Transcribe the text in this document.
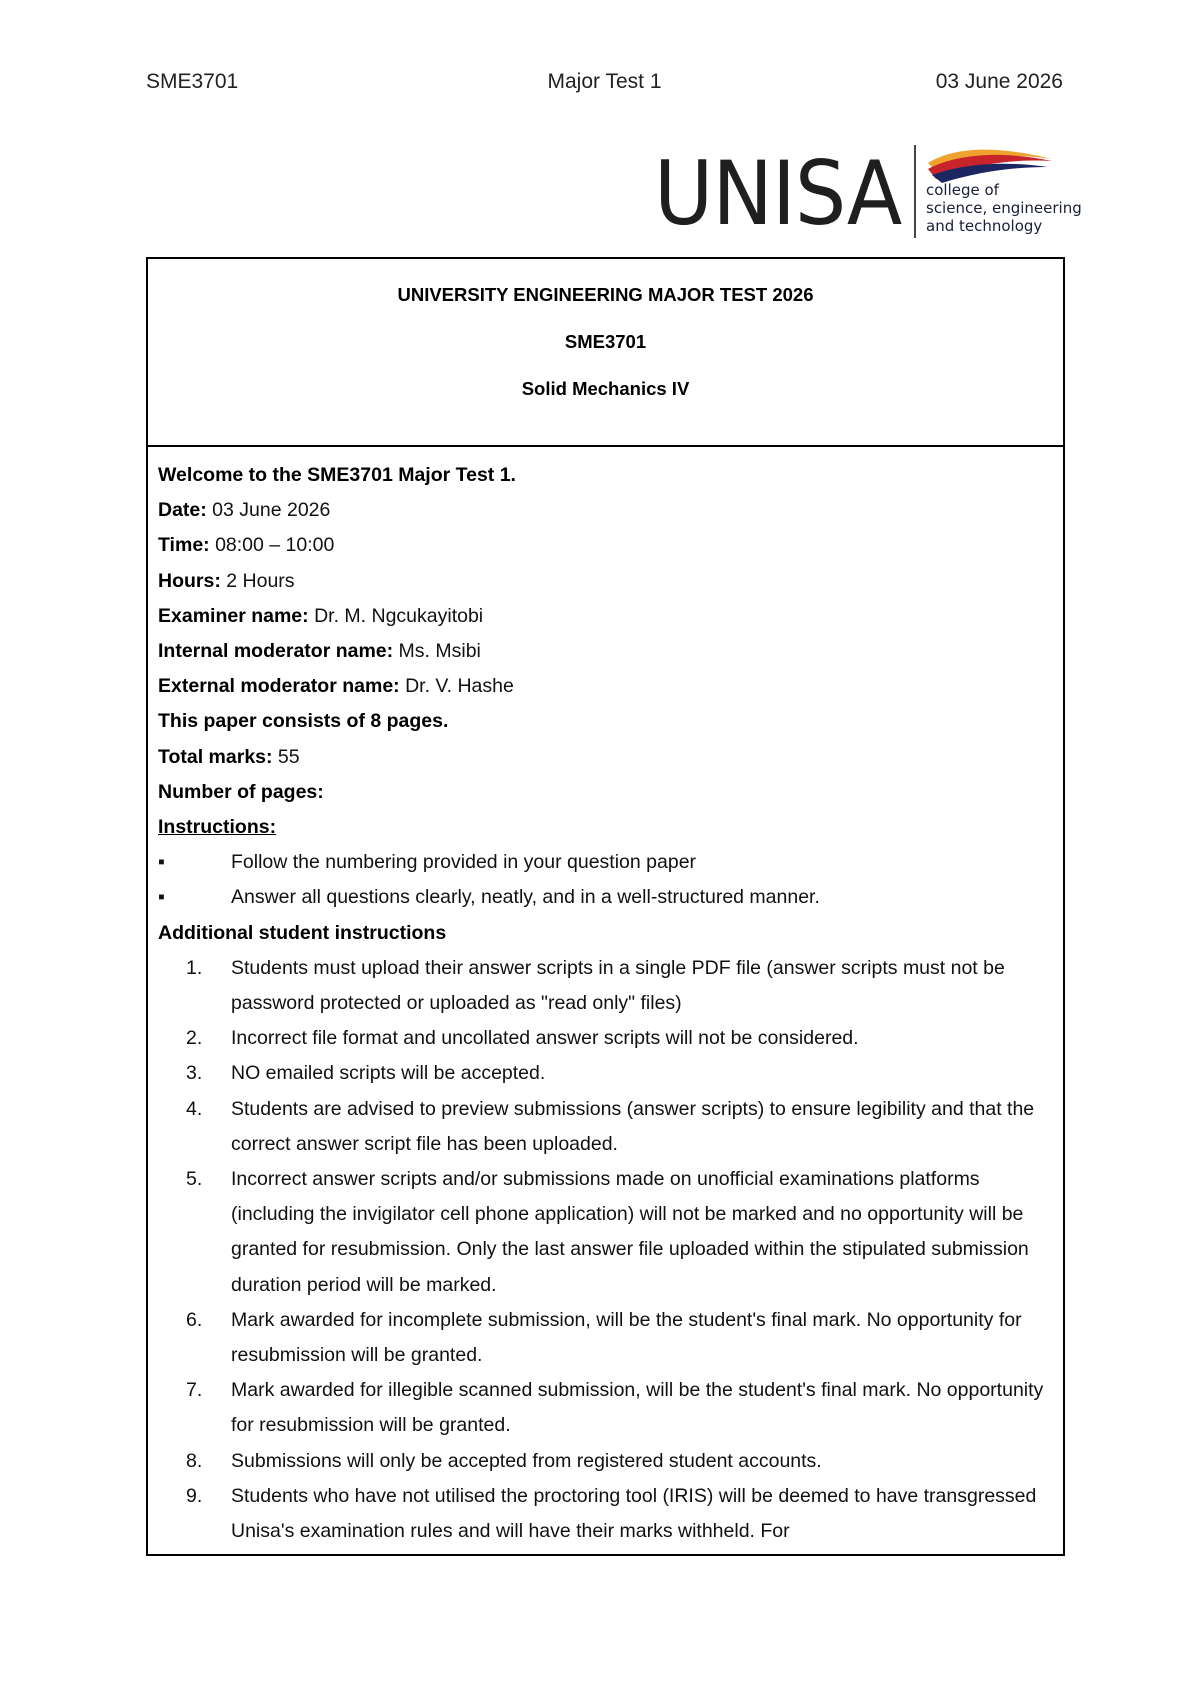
SME3701	Major Test 1	03 June 2026
UNISA college of
science, engineering
and technology
UNIVERSITY ENGINEERING MAJOR TEST 2026
SME3701
Solid Mechanics IV
Welcome to the SME3701 Major Test 1.
Date: 03 June 2026
Time: 08:00 – 10:00
Hours: 2 Hours
Examiner name: Dr. M. Ngcukayitobi
Internal moderator name: Ms. Msibi
External moderator name: Dr. V. Hashe
This paper consists of 8 pages.
Total marks: 55
Number of pages:
Instructions:
▪	Follow the numbering provided in your question paper
▪	Answer all questions clearly, neatly, and in a well-structured manner.
Additional student instructions
1.	Students must upload their answer scripts in a single PDF file (answer scripts must not be password protected or uploaded as "read only" files)
2.	Incorrect file format and uncollated answer scripts will not be considered.
3.	NO emailed scripts will be accepted.
4.	Students are advised to preview submissions (answer scripts) to ensure legibility and that the correct answer script file has been uploaded.
5.	Incorrect answer scripts and/or submissions made on unofficial examinations platforms (including the invigilator cell phone application) will not be marked and no opportunity will be granted for resubmission. Only the last answer file uploaded within the stipulated submission duration period will be marked.
6.	Mark awarded for incomplete submission, will be the student's final mark. No opportunity for resubmission will be granted.
7.	Mark awarded for illegible scanned submission, will be the student's final mark. No opportunity for resubmission will be granted.
8.	Submissions will only be accepted from registered student accounts.
9.	Students who have not utilised the proctoring tool (IRIS) will be deemed to have transgressed Unisa's examination rules and will have their marks withheld. For
